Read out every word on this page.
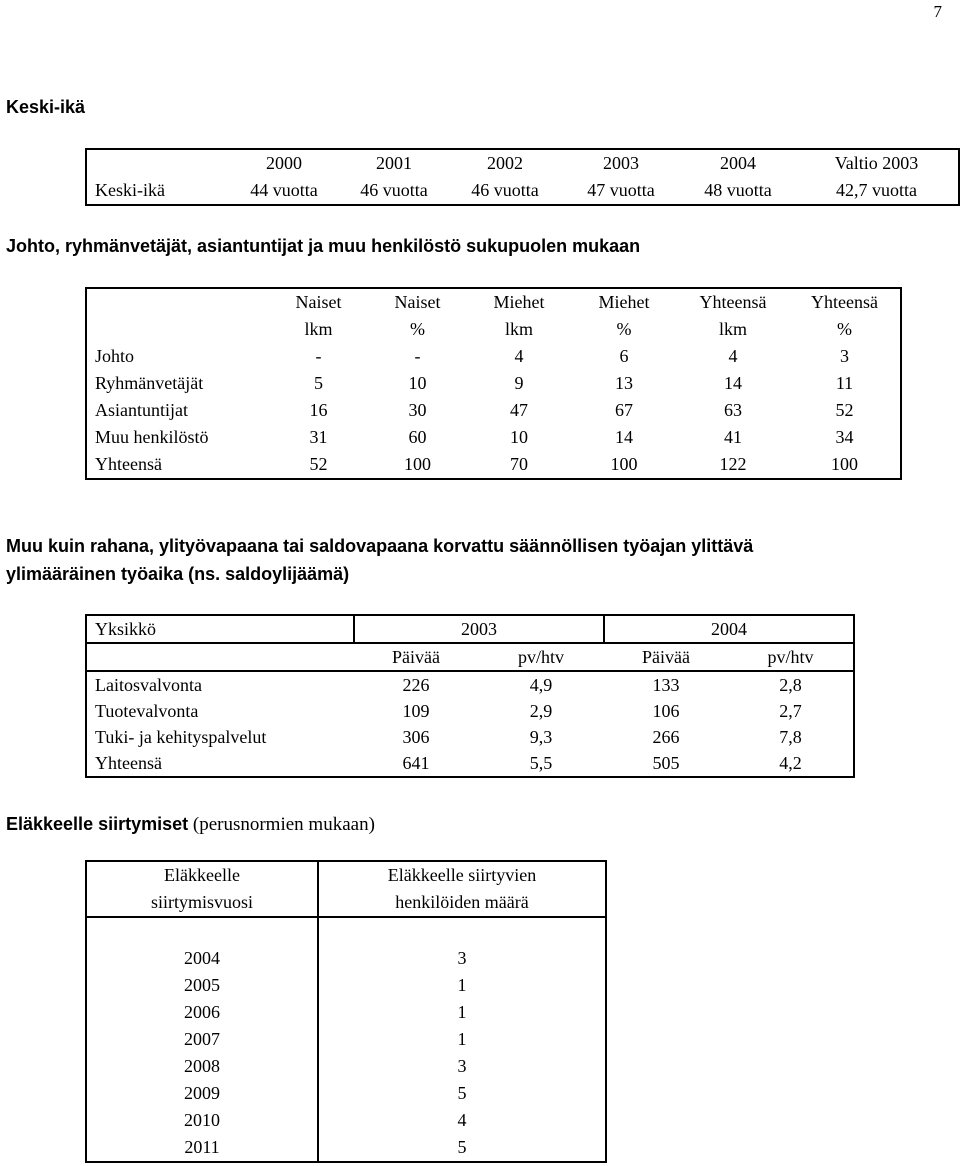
7
Keski-ikä
	2000	2001	2002	2003	2004	Valtio 2003
Keski-ikä	44 vuotta	46 vuotta	46 vuotta	47 vuotta	48 vuotta	42,7 vuotta
Johto, ryhmänvetäjät, asiantuntijat ja muu henkilöstö sukupuolen mukaan
	Naiset	Naiset	Miehet	Miehet	Yhteensä	Yhteensä
	lkm	%	lkm	%	lkm	%
Johto	-	-	4	6	4	3
Ryhmänvetäjät	5	10	9	13	14	11
Asiantuntijat	16	30	47	67	63	52
Muu henkilöstö	31	60	10	14	41	34
Yhteensä	52	100	70	100	122	100
Muu kuin rahana, ylityövapaana tai saldovapaana korvattu säännöllisen työajan ylittävä
ylimääräinen työaika (ns. saldoylijäämä)
Yksikkö	2003		2004	
	Päivää	pv/htv	Päivää	pv/htv
Laitosvalvonta	226	4,9	133	2,8
Tuotevalvonta	109	2,9	106	2,7
Tuki- ja kehityspalvelut	306	9,3	266	7,8
Yhteensä	641	5,5	505	4,2
Eläkkeelle siirtymiset (perusnormien mukaan)
Eläkkeelle	Eläkkeelle siirtyvien
siirtymisvuosi	henkilöiden määrä

2004	3
2005	1
2006	1
2007	1
2008	3
2009	5
2010	4
2011	5
